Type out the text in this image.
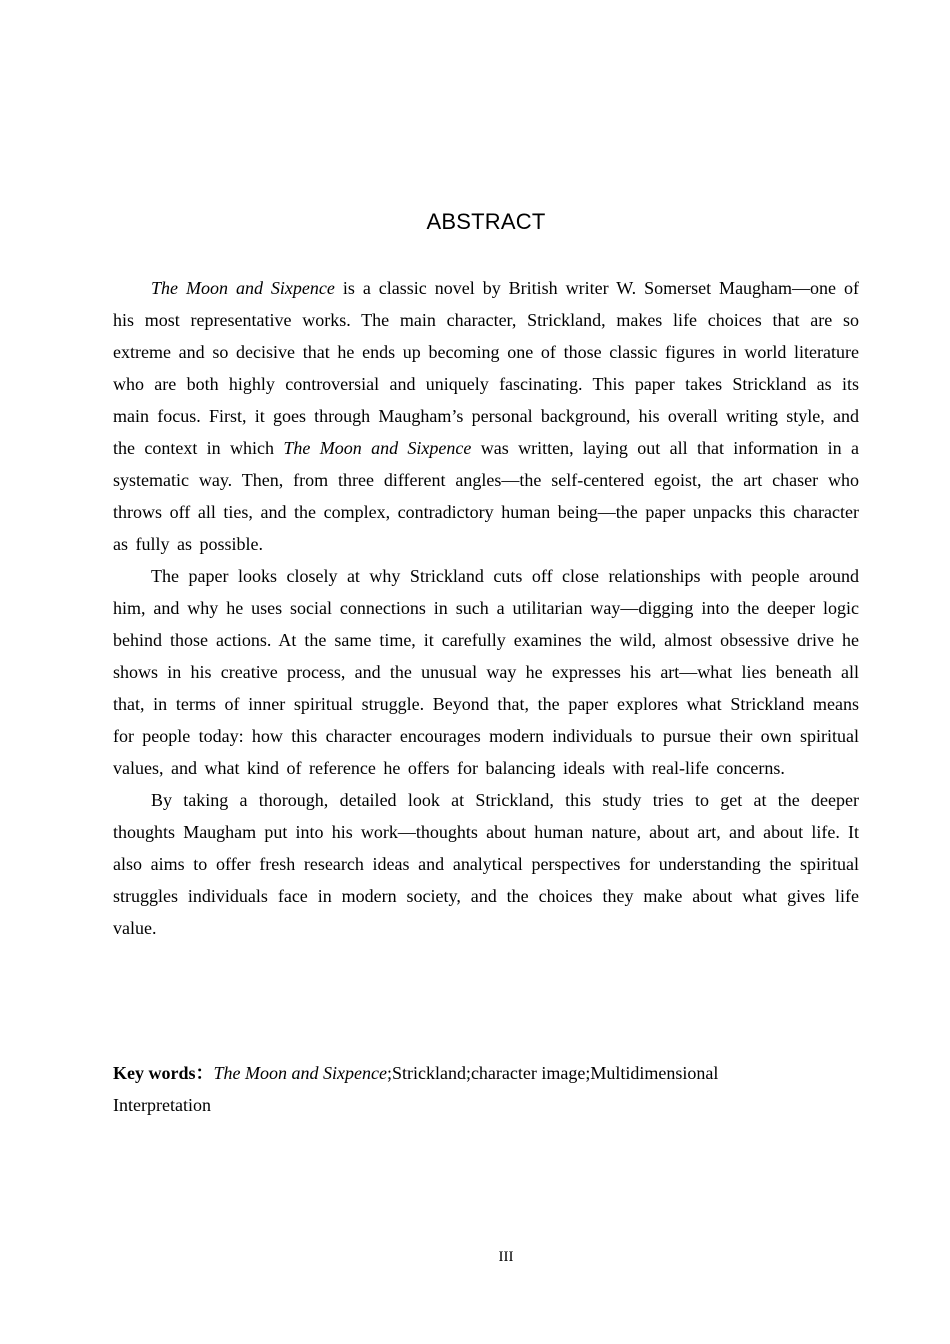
ABSTRACT

The Moon and Sixpence is a classic novel by British writer W. Somerset Maugham—one of his most representative works. The main character, Strickland, makes life choices that are so extreme and so decisive that he ends up becoming one of those classic figures in world literature who are both highly controversial and uniquely fascinating. This paper takes Strickland as its main focus. First, it goes through Maugham’s personal background, his overall writing style, and the context in which The Moon and Sixpence was written, laying out all that information in a systematic way. Then, from three different angles—the self-centered egoist, the art chaser who throws off all ties, and the complex, contradictory human being—the paper unpacks this character as fully as possible.

The paper looks closely at why Strickland cuts off close relationships with people around him, and why he uses social connections in such a utilitarian way—digging into the deeper logic behind those actions. At the same time, it carefully examines the wild, almost obsessive drive he shows in his creative process, and the unusual way he expresses his art—what lies beneath all that, in terms of inner spiritual struggle. Beyond that, the paper explores what Strickland means for people today: how this character encourages modern individuals to pursue their own spiritual values, and what kind of reference he offers for balancing ideals with real-life concerns.

By taking a thorough, detailed look at Strickland, this study tries to get at the deeper thoughts Maugham put into his work—thoughts about human nature, about art, and about life. It also aims to offer fresh research ideas and analytical perspectives for understanding the spiritual struggles individuals face in modern society, and the choices they make about what gives life value.

Key words：The Moon and Sixpence;Strickland;character image;Multidimensional Interpretation
III
